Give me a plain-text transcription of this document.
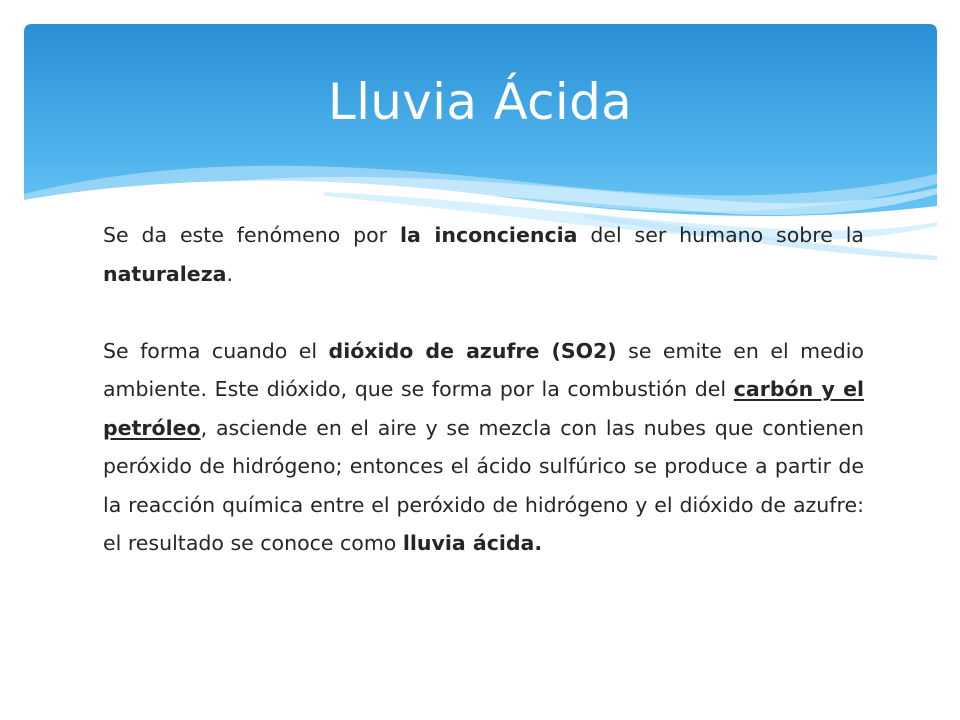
Lluvia Ácida

Se da este fenómeno por la inconciencia del ser humano sobre la naturaleza.

Se forma cuando el dióxido de azufre (SO2) se emite en el medio ambiente. Este dióxido, que se forma por la combustión del carbón y el petróleo, asciende en el aire y se mezcla con las nubes que contienen peróxido de hidrógeno; entonces el ácido sulfúrico se produce a partir de la reacción química entre el peróxido de hidrógeno y el dióxido de azufre: el resultado se conoce como lluvia ácida.
